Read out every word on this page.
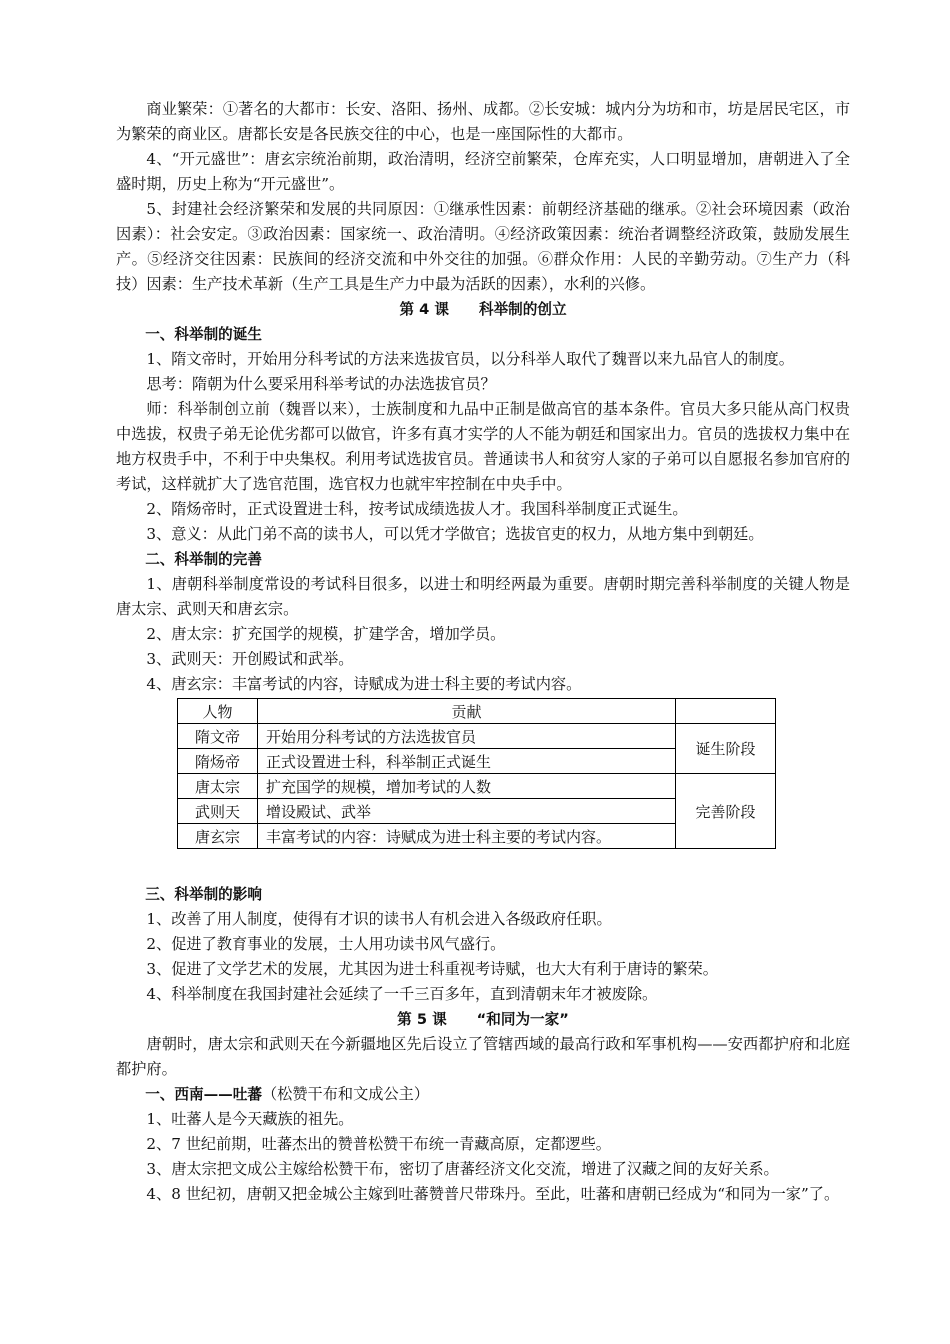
商业繁荣：①著名的大都市：长安、洛阳、扬州、成都。②长安城：城内分为坊和市，坊是居民宅区，市为繁荣的商业区。唐都长安是各民族交往的中心，也是一座国际性的大都市。

4、“开元盛世”：唐玄宗统治前期，政治清明，经济空前繁荣，仓库充实，人口明显增加，唐朝进入了全盛时期，历史上称为“开元盛世”。

5、封建社会经济繁荣和发展的共同原因：①继承性因素：前朝经济基础的继承。②社会环境因素（政治因素）：社会安定。③政治因素：国家统一、政治清明。④经济政策因素：统治者调整经济政策，鼓励发展生产。⑤经济交往因素：民族间的经济交流和中外交往的加强。⑥群众作用：人民的辛勤劳动。⑦生产力（科技）因素：生产技术革新（生产工具是生产力中最为活跃的因素），水利的兴修。

第 4 课 科举制的创立
一、科举制的诞生

1、隋文帝时，开始用分科考试的方法来选拔官员，以分科举人取代了魏晋以来九品官人的制度。

思考：隋朝为什么要采用科举考试的办法选拔官员？

师：科举制创立前（魏晋以来），士族制度和九品中正制是做高官的基本条件。官员大多只能从高门权贵中选拔，权贵子弟无论优劣都可以做官，许多有真才实学的人不能为朝廷和国家出力。官员的选拔权力集中在地方权贵手中，不利于中央集权。利用考试选拔官员。普通读书人和贫穷人家的子弟可以自愿报名参加官府的考试，这样就扩大了选官范围，选官权力也就牢牢控制在中央手中。

2、隋炀帝时，正式设置进士科，按考试成绩选拔人才。我国科举制度正式诞生。

3、意义：从此门弟不高的读书人，可以凭才学做官；选拔官吏的权力，从地方集中到朝廷。

二、科举制的完善

1、唐朝科举制度常设的考试科目很多，以进士和明经两最为重要。唐朝时期完善科举制度的关键人物是唐太宗、武则天和唐玄宗。

2、唐太宗：扩充国学的规模，扩建学舍，增加学员。

3、武则天：开创殿试和武举。

4、唐玄宗：丰富考试的内容，诗赋成为进士科主要的考试内容。

人物	贡献	
隋文帝	开始用分科考试的方法选拔官员	诞生阶段
隋炀帝	正式设置进士科，科举制正式诞生	
唐太宗	扩充国学的规模，增加考试的人数	完善阶段
武则天	增设殿试、武举	
唐玄宗	丰富考试的内容：诗赋成为进士科主要的考试内容。	
三、科举制的影响

1、改善了用人制度，使得有才识的读书人有机会进入各级政府任职。

2、促进了教育事业的发展，士人用功读书风气盛行。

3、促进了文学艺术的发展，尤其因为进士科重视考诗赋，也大大有利于唐诗的繁荣。

4、科举制度在我国封建社会延续了一千三百多年，直到清朝末年才被废除。

第 5 课 “和同为一家”

唐朝时，唐太宗和武则天在今新疆地区先后设立了管辖西域的最高行政和军事机构——安西都护府和北庭都护府。

一、西南——吐蕃（松赞干布和文成公主）

1、吐蕃人是今天藏族的祖先。

2、7 世纪前期，吐蕃杰出的赞普松赞干布统一青藏高原，定都逻些。

3、唐太宗把文成公主嫁给松赞干布，密切了唐蕃经济文化交流，增进了汉藏之间的友好关系。

4、8 世纪初，唐朝又把金城公主嫁到吐蕃赞普尺带珠丹。至此，吐蕃和唐朝已经成为“和同为一家”了。
